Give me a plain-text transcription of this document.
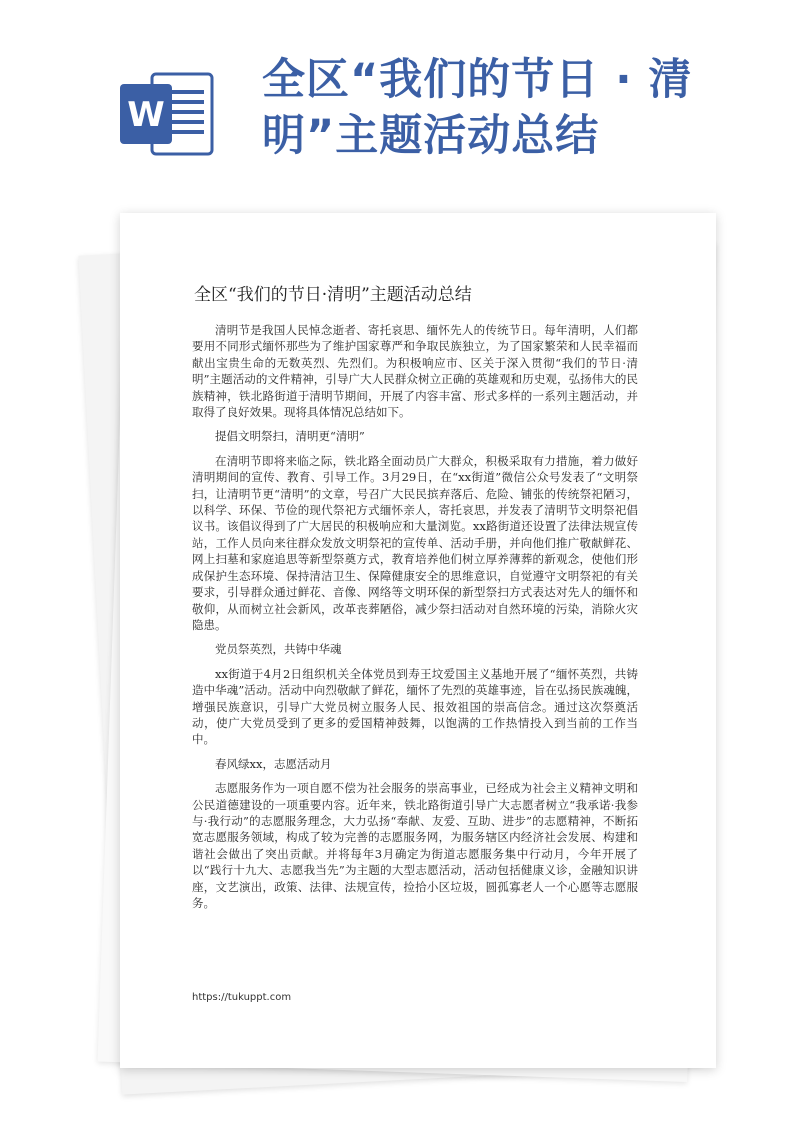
W
全区“我们的节日 · 清
明”主题活动总结
全区“我们的节日·清明”主题活动总结

清明节是我国人民悼念逝者、寄托哀思、缅怀先人的传统节日。每年清明，人们都要用不同形式缅怀那些为了维护国家尊严和争取民族独立，为了国家繁荣和人民幸福而献出宝贵生命的无数英烈、先烈们。为积极响应市、区关于深入贯彻“我们的节日·清明”主题活动的文件精神，引导广大人民群众树立正确的英雄观和历史观，弘扬伟大的民族精神，铁北路街道于清明节期间，开展了内容丰富、形式多样的一系列主题活动，并取得了良好效果。现将具体情况总结如下。

提倡文明祭扫，清明更“清明”

在清明节即将来临之际，铁北路全面动员广大群众，积极采取有力措施，着力做好清明期间的宣传、教育、引导工作。3月29日，在“xx街道”微信公众号发表了“文明祭扫，让清明节更“清明”的文章，号召广大民民摈弃落后、危险、铺张的传统祭祀陋习，以科学、环保、节俭的现代祭祀方式缅怀亲人，寄托哀思，并发表了清明节文明祭祀倡议书。该倡议得到了广大居民的积极响应和大量浏览。xx路街道还设置了法律法规宣传站，工作人员向来往群众发放文明祭祀的宣传单、活动手册，并向他们推广敬献鲜花、网上扫墓和家庭追思等新型祭奠方式，教育培养他们树立厚养薄葬的新观念，使他们形成保护生态环境、保持清洁卫生、保障健康安全的思维意识，自觉遵守文明祭祀的有关要求，引导群众通过鲜花、音像、网络等文明环保的新型祭扫方式表达对先人的缅怀和敬仰，从而树立社会新风，改革丧葬陋俗，减少祭扫活动对自然环境的污染，消除火灾隐患。

党员祭英烈，共铸中华魂

xx街道于4月2日组织机关全体党员到寿王坟爱国主义基地开展了“缅怀英烈，共铸造中华魂”活动。活动中向烈敬献了鲜花，缅怀了先烈的英雄事迹，旨在弘扬民族魂魄，增强民族意识，引导广大党员树立服务人民、报效祖国的崇高信念。通过这次祭奠活动，使广大党员受到了更多的爱国精神鼓舞，以饱满的工作热情投入到当前的工作当中。

春风绿xx，志愿活动月

志愿服务作为一项自愿不偿为社会服务的崇高事业，已经成为社会主义精神文明和公民道德建设的一项重要内容。近年来，铁北路街道引导广大志愿者树立“我承诺·我参与·我行动”的志愿服务理念，大力弘扬“奉献、友爱、互助、进步”的志愿精神，不断拓宽志愿服务领域，构成了较为完善的志愿服务网，为服务辖区内经济社会发展、构建和谐社会做出了突出贡献。并将每年3月确定为街道志愿服务集中行动月，今年开展了以“践行十九大、志愿我当先”为主题的大型志愿活动，活动包括健康义诊，金融知识讲座，文艺演出，政策、法律、法规宣传，捡拾小区垃圾，圆孤寡老人一个心愿等志愿服务。

https://tukuppt.com
